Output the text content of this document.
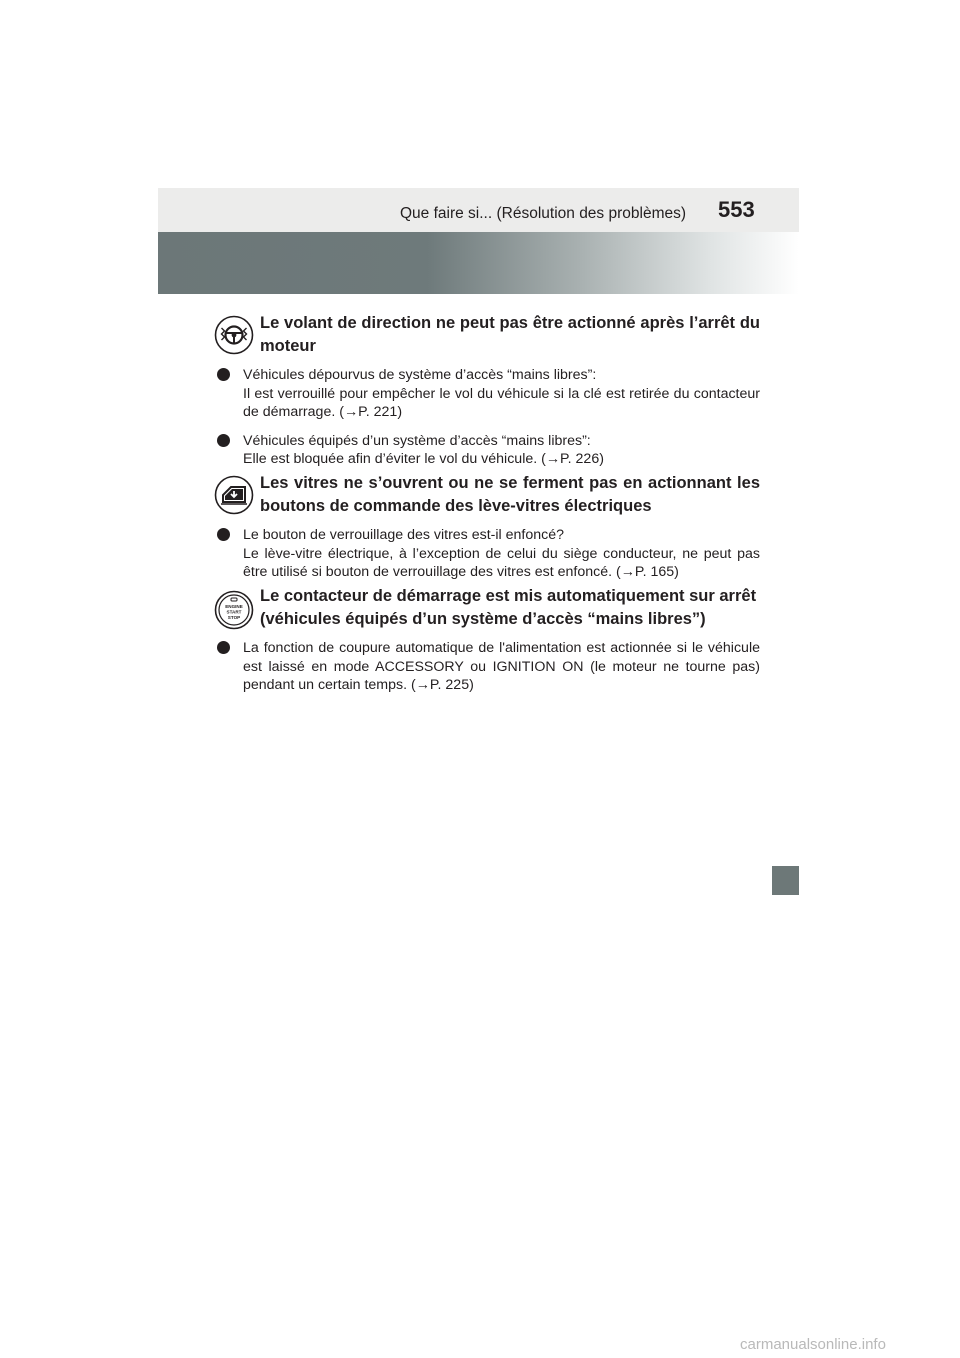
Que faire si... (Résolution des problèmes) 553
Le volant de direction ne peut pas être actionné après l’arrêt du moteur
Véhicules dépourvus de système d’accès “mains libres”:
Il est verrouillé pour empêcher le vol du véhicule si la clé est retirée du contacteur de démarrage. (→P. 221)
Véhicules équipés d’un système d’accès “mains libres”:
Elle est bloquée afin d’éviter le vol du véhicule. (→P. 226)
Les vitres ne s’ouvrent ou ne se ferment pas en actionnant les boutons de commande des lève-vitres électriques
Le bouton de verrouillage des vitres est-il enfoncé?
Le lève-vitre électrique, à l’exception de celui du siège conducteur, ne peut pas être utilisé si bouton de verrouillage des vitres est enfoncé. (→P. 165)
ENGINE
START
STOP
Le contacteur de démarrage est mis automatiquement sur arrêt
(véhicules équipés d’un système d’accès “mains libres”)
La fonction de coupure automatique de l'alimentation est actionnée si le véhicule est laissé en mode ACCESSORY ou IGNITION ON (le moteur ne tourne pas) pendant un certain temps. (→P. 225)
carmanualsonline.info
